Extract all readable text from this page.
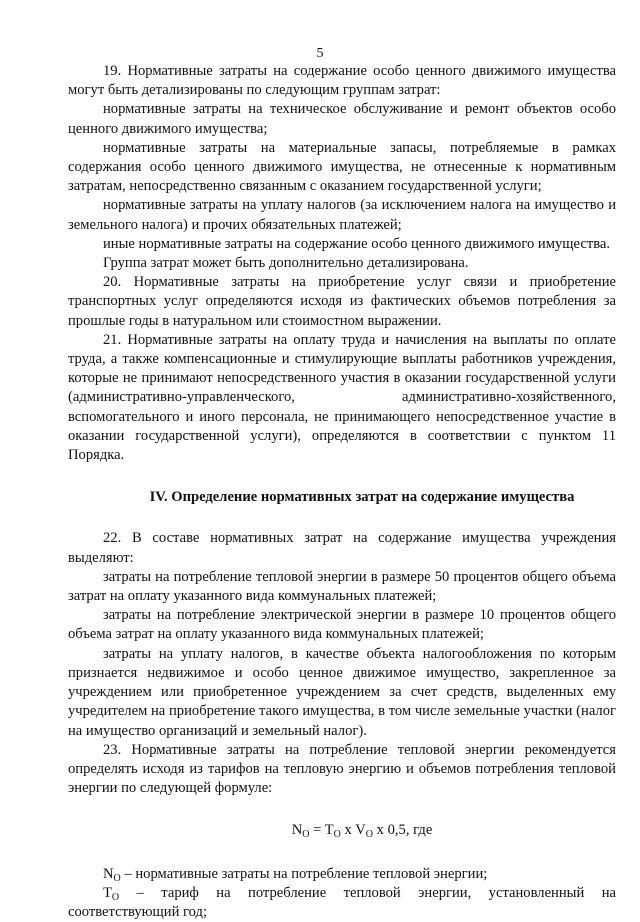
5

19. Нормативные затраты на содержание особо ценного движимого имущества могут быть детализированы по следующим группам затрат:

нормативные затраты на техническое обслуживание и ремонт объектов особо ценного движимого имущества;

нормативные затраты на материальные запасы, потребляемые в рамках содержания особо ценного движимого имущества, не отнесенные к нормативным затратам, непосредственно связанным с оказанием государственной услуги;

нормативные затраты на уплату налогов (за исключением налога на имущество и земельного налога) и прочих обязательных платежей;

иные нормативные затраты на содержание особо ценного движимого имущества.

Группа затрат может быть дополнительно детализирована.

20. Нормативные затраты на приобретение услуг связи и приобретение транспортных услуг определяются исходя из фактических объемов потребления за прошлые годы в натуральном или стоимостном выражении.

21. Нормативные затраты на оплату труда и начисления на выплаты по оплате труда, а также компенсационные и стимулирующие выплаты работников учреждения, которые не принимают непосредственного участия в оказании государственной услуги (административно-управленческого, административно-хозяйственного, вспомогательного и иного персонала, не принимающего непосредственное участие в оказании государственной услуги), определяются в соответствии с пунктом 11 Порядка.

IV. Определение нормативных затрат на содержание имущества

22. В составе нормативных затрат на содержание имущества учреждения выделяют:

затраты на потребление тепловой энергии в размере 50 процентов общего объема затрат на оплату указанного вида коммунальных платежей;

затраты на потребление электрической энергии в размере 10 процентов общего объема затрат на оплату указанного вида коммунальных платежей;

затраты на уплату налогов, в качестве объекта налогообложения по которым признается недвижимое и особо ценное движимое имущество, закрепленное за учреждением или приобретенное учреждением за счет средств, выделенных ему учредителем на приобретение такого имущества, в том числе земельные участки (налог на имущество организаций и земельный налог).

23. Нормативные затраты на потребление тепловой энергии рекомендуется определять исходя из тарифов на тепловую энергию и объемов потребления тепловой энергии по следующей формуле:

$N_O = T_O$ x $V_O$ x 0,5, где

$N_O$ – нормативные затраты на потребление тепловой энергии;

$T_O$ – тариф на потребление тепловой энергии, установленный на соответствующий год;
